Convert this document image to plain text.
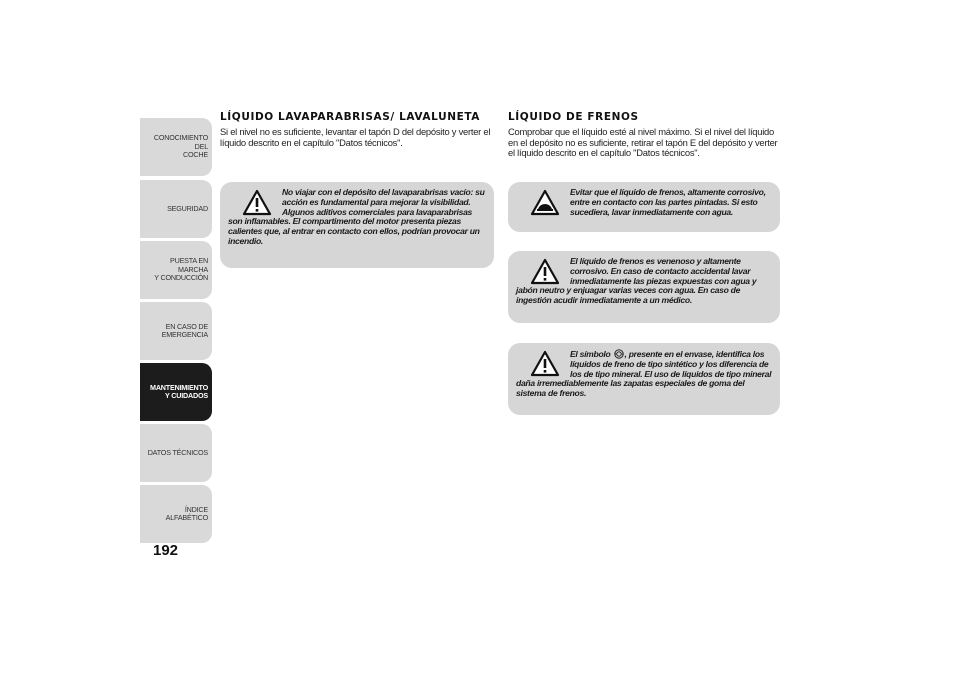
CONOCIMIENTO DEL
COCHE
SEGURIDAD
PUESTA EN MARCHA
Y CONDUCCIÓN
EN CASO DE
EMERGENCIA
MANTENIMIENTO
Y CUIDADOS
DATOS TÉCNICOS
ÍNDICE ALFABÉTICO
192
LÍQUIDO LAVAPARABRISAS/ LAVALUNETA

Si el nivel no es suficiente, levantar el tapón D del depósito y verter el líquido descrito en el capítulo "Datos técnicos".

No viajar con el depósito del lavaparabrisas vacío: su acción es fundamental para mejorar la visibilidad. Algunos aditivos comerciales para lavaparabrisas son inflamables. El compartimento del motor presenta piezas calientes que, al entrar en contacto con ellos, podrían provocar un incendio.

LÍQUIDO DE FRENOS

Comprobar que el líquido esté al nivel máximo. Si el nivel del líquido en el depósito no es suficiente, retirar el tapón E del depósito y verter el líquido descrito en el capítulo "Datos técnicos".

Evitar que el líquido de frenos, altamente corrosivo, entre en contacto con las partes pintadas. Si esto sucediera, lavar inmediatamente con agua.

El líquido de frenos es venenoso y altamente corrosivo. En caso de contacto accidental lavar inmediatamente las piezas expuestas con agua y jabón neutro y enjuagar varias veces con agua. En caso de ingestión acudir inmediatamente a un médico.

El símbolo , presente en el envase, identifica los líquidos de freno de tipo sintético y los diferencia de los de tipo mineral. El uso de líquidos de tipo mineral daña irremediablemente las zapatas especiales de goma del sistema de frenos.
